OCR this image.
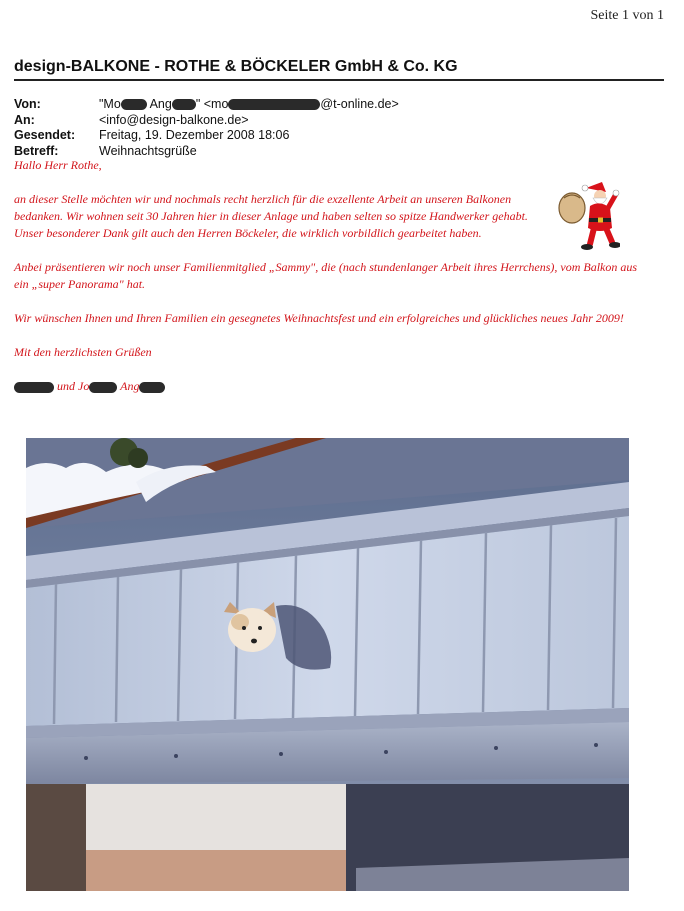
Seite 1 von 1
design-BALKONE - ROTHE & BÖCKELER GmbH & Co. KG
Von:	"Mo Ang " <mo	@t-online.de>
An:	<info@design-balkone.de>
Gesendet:	Freitag, 19. Dezember 2008 18:06
Betreff:	Weihnachtsgrüße

Hallo Herr Rothe,

an dieser Stelle möchten wir und nochmals recht herzlich für die exzellente Arbeit an unseren Balkonen bedanken. Wir wohnen seit 30 Jahren hier in dieser Anlage und haben selten so spitze Handwerker gehabt. Unser besonderer Dank gilt auch den Herren Böckeler, die wirklich vorbildlich gearbeitet haben.

Anbei präsentieren wir noch unser Familienmitglied „Sammy", die (nach stundenlanger Arbeit ihres Herrchens), vom Balkon aus ein „super Panorama" hat.

Wir wünschen Ihnen und Ihren Familien ein gesegnetes Weihnachtsfest und ein erfolgreiches und glückliches neues Jahr 2009!

Mit den herzlichsten Grüßen

und Jo Ang
